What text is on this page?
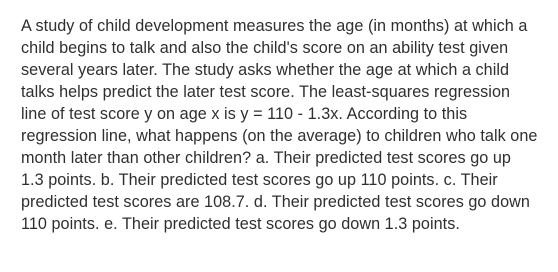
A study of child development measures the age (in months) at which a child begins to talk and also the child's score on an ability test given several years later. The study asks whether the age at which a child talks helps predict the later test score. The least-squares regression line of test score y on age x is y = 110 - 1.3x. According to this regression line, what happens (on the average) to children who talk one month later than other children? a. Their predicted test scores go up 1.3 points. b. Their predicted test scores go up 110 points. c. Their predicted test scores are 108.7. d. Their predicted test scores go down 110 points. e. Their predicted test scores go down 1.3 points.
